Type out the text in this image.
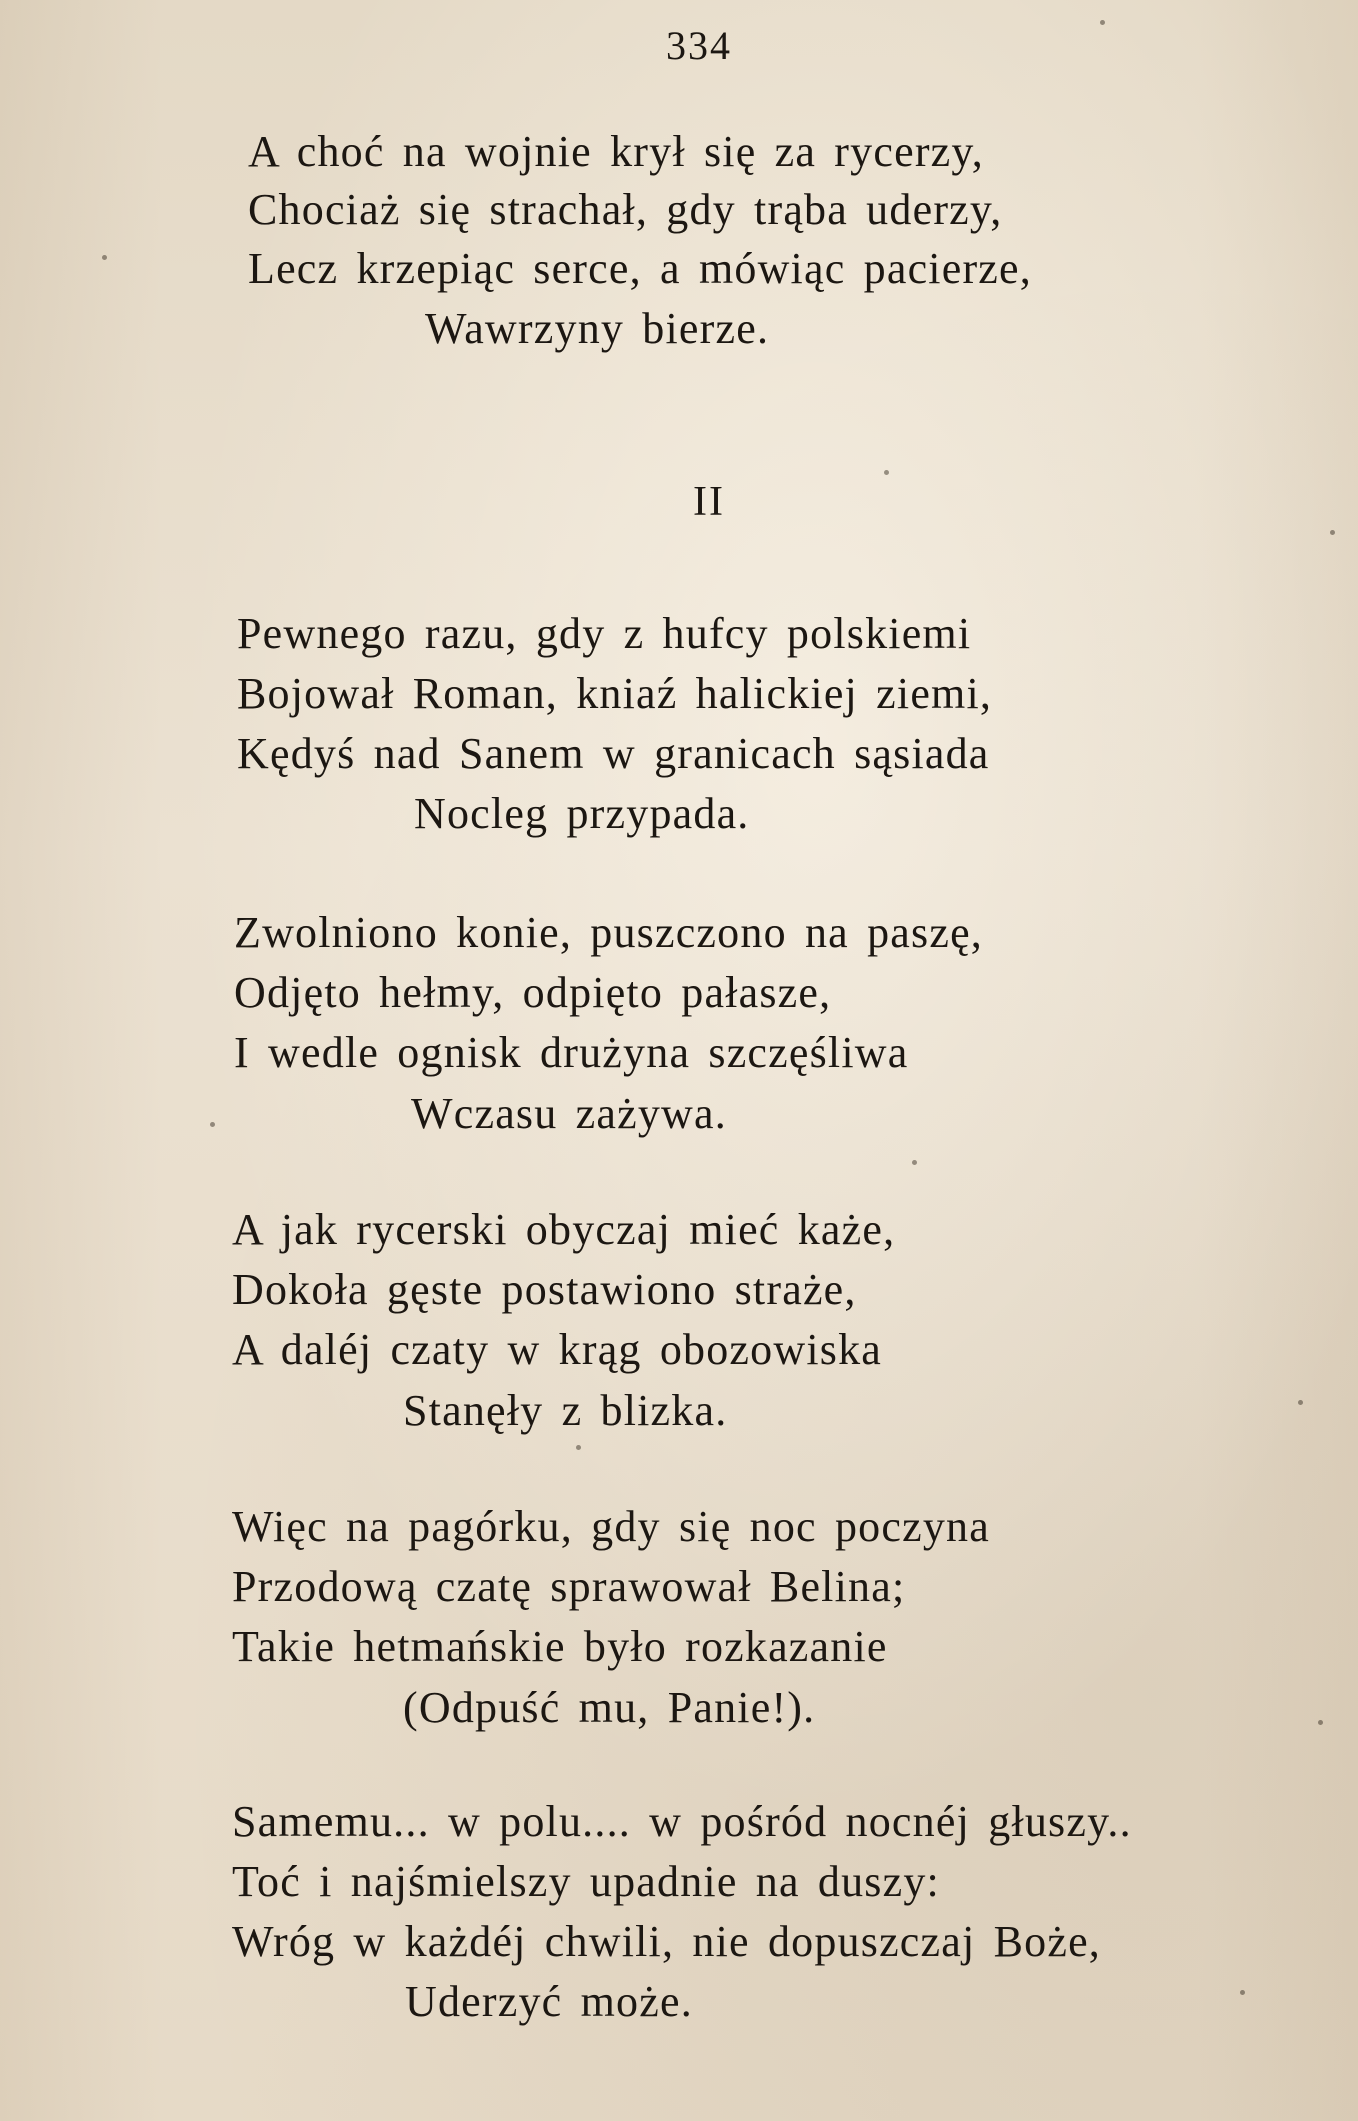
334
A choć na wojnie krył się za rycerzy,
Chociaż się strachał, gdy trąba uderzy,
Lecz krzepiąc serce, a mówiąc pacierze,
Wawrzyny bierze.
II
Pewnego razu, gdy z hufcy polskiemi
Bojował Roman, kniaź halickiej ziemi,
Kędyś nad Sanem w granicach sąsiada
Nocleg przypada.
Zwolniono konie, puszczono na paszę,
Odjęto hełmy, odpięto pałasze,
I wedle ognisk drużyna szczęśliwa
Wczasu zażywa.
A jak rycerski obyczaj mieć każe,
Dokoła gęste postawiono straże,
A daléj czaty w krąg obozowiska
Stanęły z blizka.
Więc na pagórku, gdy się noc poczyna
Przodową czatę sprawował Belina;
Takie hetmańskie było rozkazanie
(Odpuść mu, Panie!).
Samemu... w polu.... w pośród nocnéj głuszy..
Toć i najśmielszy upadnie na duszy:
Wróg w każdéj chwili, nie dopuszczaj Boże,
Uderzyć może.
